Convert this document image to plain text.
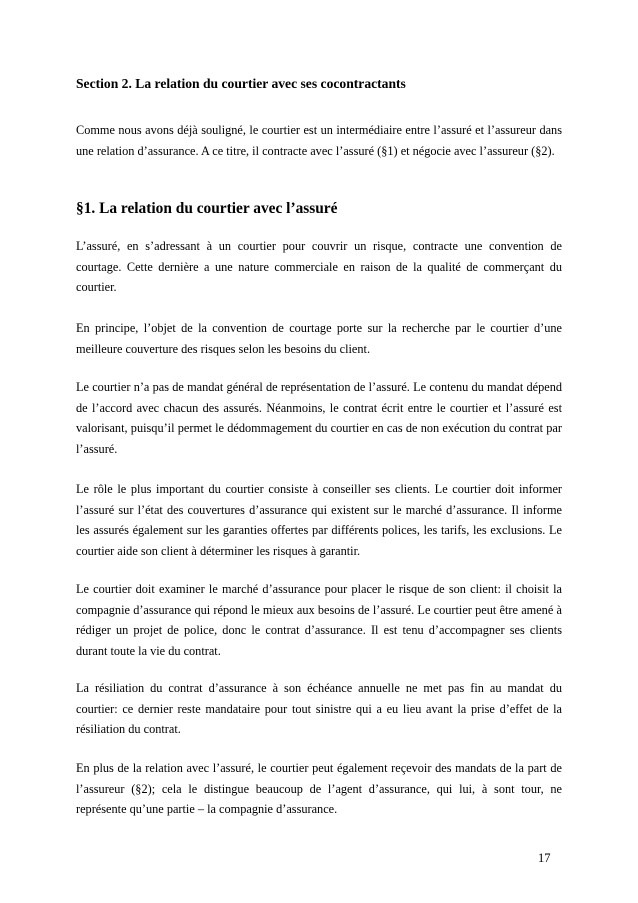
Section 2. La relation du courtier avec ses cocontractants

Comme nous avons déjà souligné, le courtier est un intermédiaire entre l’assuré et l’assureur dans une relation d’assurance. A ce titre, il contracte avec l’assuré (§1) et négocie avec l’assureur (§2).

§1. La relation du courtier avec l’assuré

L’assuré, en s’adressant à un courtier pour couvrir un risque, contracte une convention de courtage. Cette dernière a une nature commerciale en raison de la qualité de commerçant du courtier.

En principe, l’objet de la convention de courtage porte sur la recherche par le courtier d’une meilleure couverture des risques selon les besoins du client.

Le courtier n’a pas de mandat général de représentation de l’assuré. Le contenu du mandat dépend de l’accord avec chacun des assurés. Néanmoins, le contrat écrit entre le courtier et l’assuré est valorisant, puisqu’il permet le dédommagement du courtier en cas de non exécution du contrat par l’assuré.

Le rôle le plus important du courtier consiste à conseiller ses clients. Le courtier doit informer l’assuré sur l’état des couvertures d’assurance qui existent sur le marché d’assurance. Il informe les assurés également sur les garanties offertes par différents polices, les tarifs, les exclusions. Le courtier aide son client à déterminer les risques à garantir.

Le courtier doit examiner le marché d’assurance pour placer le risque de son client: il choisit la compagnie d’assurance qui répond le mieux aux besoins de l’assuré. Le courtier peut être amené à rédiger un projet de police, donc le contrat d’assurance. Il est tenu d’accompagner ses clients durant toute la vie du contrat.

La résiliation du contrat d’assurance à son échéance annuelle ne met pas fin au mandat du courtier: ce dernier reste mandataire pour tout sinistre qui a eu lieu avant la prise d’effet de la résiliation du contrat.

En plus de la relation avec l’assuré, le courtier peut également reçevoir des mandats de la part de l’assureur (§2); cela le distingue beaucoup de l’agent d’assurance, qui lui, à sont tour, ne représente qu’une partie – la compagnie d’assurance.

17
